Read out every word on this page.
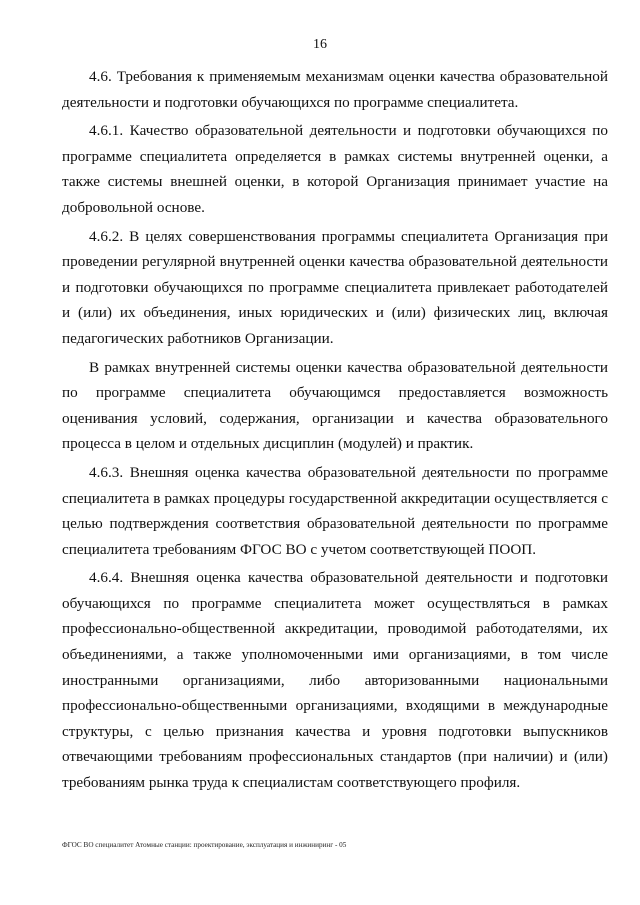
16

4.6. Требования к применяемым механизмам оценки качества образовательной деятельности и подготовки обучающихся по программе специалитета.

4.6.1. Качество образовательной деятельности и подготовки обучающихся по программе специалитета определяется в рамках системы внутренней оценки, а также системы внешней оценки, в которой Организация принимает участие на добровольной основе.

4.6.2. В целях совершенствования программы специалитета Организация при проведении регулярной внутренней оценки качества образовательной деятельности и подготовки обучающихся по программе специалитета привлекает работодателей и (или) их объединения, иных юридических и (или) физических лиц, включая педагогических работников Организации.

В рамках внутренней системы оценки качества образовательной деятельности по программе специалитета обучающимся предоставляется возможность оценивания условий, содержания, организации и качества образовательного процесса в целом и отдельных дисциплин (модулей) и практик.

4.6.3. Внешняя оценка качества образовательной деятельности по программе специалитета в рамках процедуры государственной аккредитации осуществляется с целью подтверждения соответствия образовательной деятельности по программе специалитета требованиям ФГОС ВО с учетом соответствующей ПООП.

4.6.4. Внешняя оценка качества образовательной деятельности и подготовки обучающихся по программе специалитета может осуществляться в рамках профессионально-общественной аккредитации, проводимой работодателями, их объединениями, а также уполномоченными ими организациями, в том числе иностранными организациями, либо авторизованными национальными профессионально-общественными организациями, входящими в международные структуры, с целью признания качества и уровня подготовки выпускников отвечающими требованиям профессиональных стандартов (при наличии) и (или) требованиям рынка труда к специалистам соответствующего профиля.

ФГОС ВО специалитет Атомные станции: проектирование, эксплуатация и инжиниринг - 05
